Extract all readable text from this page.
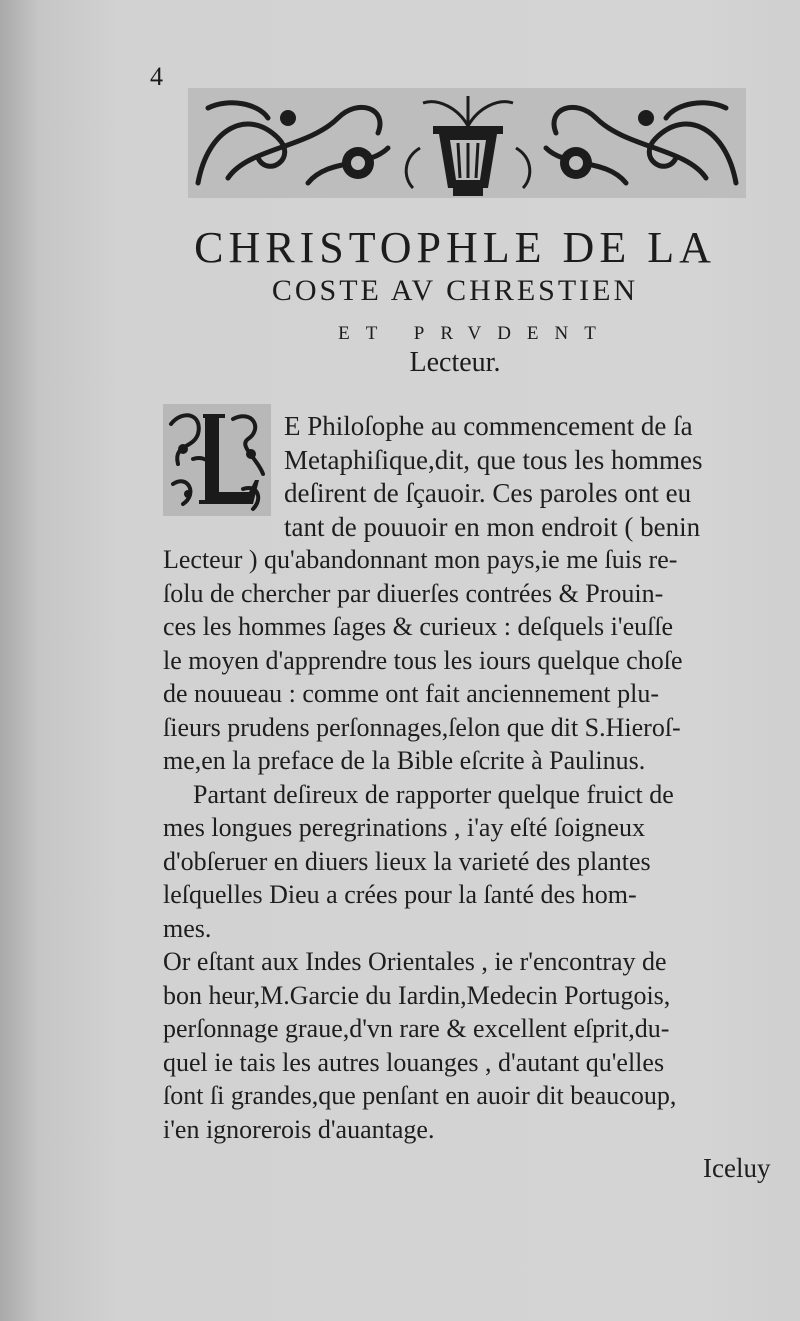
4
CHRISTOPHLE DE LA
COSTE AV CHRESTIEN
ET PRVDENT
Lecteur.
E Philoſophe au commencement de ſa
Metaphiſique,dit, que tous les hommes
deſirent de ſçauoir. Ces paroles ont eu
tant de pouuoir en mon endroit ( benin
Lecteur ) qu'abandonnant mon pays,ie me ſuis re-
ſolu de chercher par diuerſes contrées & Prouin-
ces les hommes ſages & curieux : deſquels i'euſſe
le moyen d'apprendre tous les iours quelque choſe
de nouueau : comme ont fait anciennement plu-
ſieurs prudens perſonnages,ſelon que dit S.Hieroſ-
me,en la preface de la Bible eſcrite à Paulinus.
Partant deſireux de rapporter quelque fruict de
mes longues peregrinations , i'ay eſté ſoigneux
d'obſeruer en diuers lieux la varieté des plantes
leſquelles Dieu a crées pour la ſanté des hom-
mes.
Or eſtant aux Indes Orientales , ie r'encontray de
bon heur,M.Garcie du Iardin,Medecin Portugois,
perſonnage graue,d'vn rare & excellent eſprit,du-
quel ie tais les autres louanges , d'autant qu'elles
ſont ſi grandes,que penſant en auoir dit beaucoup,
i'en ignorerois d'auantage.
Iceluy
